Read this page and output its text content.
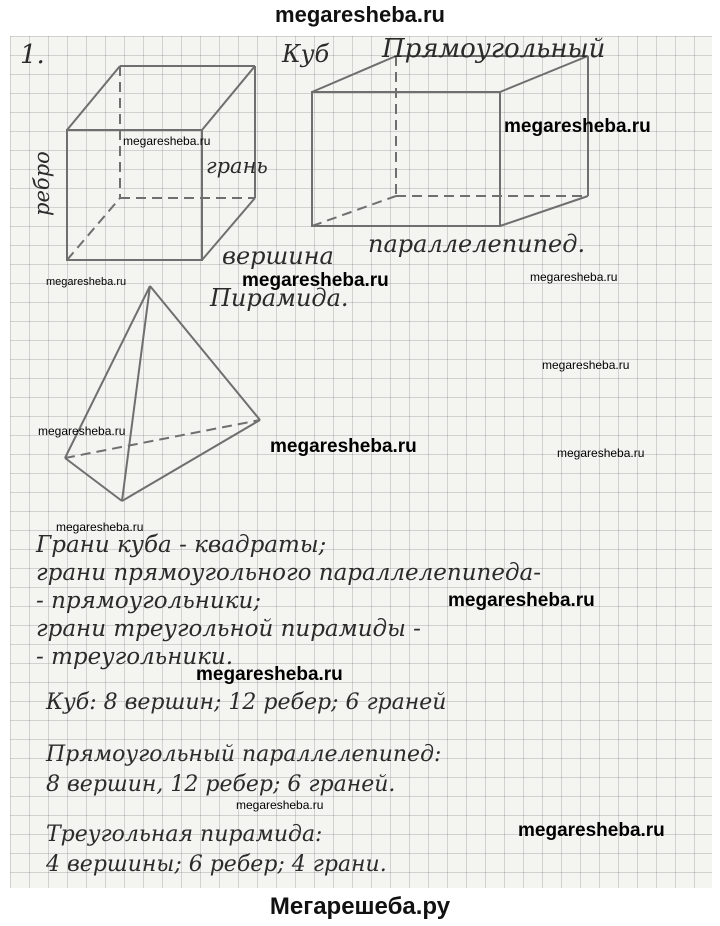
megaresheba.ru
1.	Куб Прямоугольный
ребро	грань
вершина параллелепипед.
Пирамида.
Грани куба - квадраты;
грани прямоугольного параллелепипеда-
- прямоугольники;
грани треугольной пирамиды -
- треугольники.
Куб: 8 вершин; 12 ребер; 6 граней
Прямоугольный параллелепипед:
8 вершин, 12 ребер; 6 граней.
Треугольная пирамида:
4 вершины; 6 ребер; 4 грани.
megaresheba.ru
megaresheba.ru
megaresheba.ru	megaresheba.ru	megaresheba.ru
megaresheba.ru
megaresheba.ru
megaresheba.ru	megaresheba.ru
megaresheba.ru
megaresheba.ru
megaresheba.ru
megaresheba.ru
megaresheba.ru
Мегарешеба.ру
